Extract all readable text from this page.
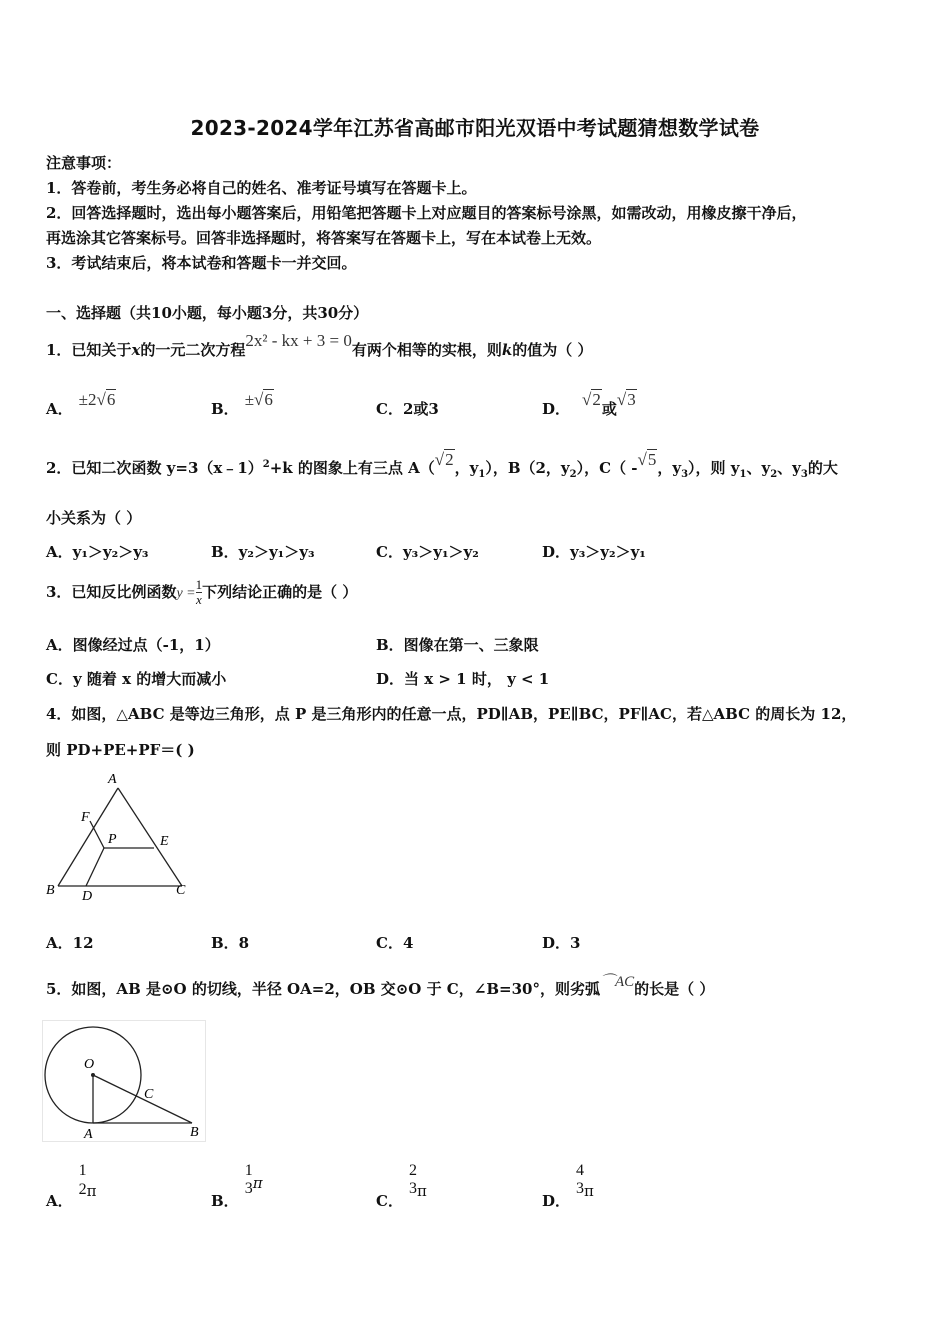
2023-2024学年江苏省高邮市阳光双语中考试题猜想数学试卷
注意事项：
1．答卷前，考生务必将自己的姓名、准考证号填写在答题卡上。
2．回答选择题时，选出每小题答案后，用铅笔把答题卡上对应题目的答案标号涂黑，如需改动，用橡皮擦干净后，
再选涂其它答案标号。回答非选择题时，将答案写在答题卡上，写在本试卷上无效。
3．考试结束后，将本试卷和答题卡一并交回。
一、选择题（共10小题，每小题3分，共30分）
1．已知关于x的一元二次方程2x² - kx + 3 = 0有两个相等的实根，则k的值为（ ）
A． ±2√6	B． ±√6	C．2或3	D． √2或√3
2．已知二次函数 y=3（x﹣1）$^2$+k 的图象上有三点 A（√2，$y_1$），B（2，$y_2$），C（ -√5，$y_3$），则 $y_1$、$y_2$、$y_3$的大
小关系为（ ）
A．y₁＞y₂＞y₃	B．y₂＞y₁＞y₃	C．y₃＞y₁＞y₂	D．y₃＞y₂＞y₁
3．已知反比例函数$y = \frac{1}{x}$ 下列结论正确的是（ ）
A．图像经过点（-1，1）	B．图像在第一、三象限
C．y 随着 x 的增大而减小	D．当 x > 1 时， y < 1
4．如图，△ABC 是等边三角形，点 P 是三角形内的任意一点，PD∥AB，PE∥BC，PF∥AC，若△ABC 的周长为 12，
则 PD+PE+PF＝( )
A
F
P	E
B D	C
A．12	B．8	C．4	D．3
5．如图，AB 是⊙O 的切线，半径 OA=2，OB 交⊙O 于 C，∠B=30°，则劣弧⌒AC的长是（ ）
O
C
A	B
A．
$\frac{1}{2}$ π
B．
1
3 π
C．
2
3 π
D．
4
3 π
